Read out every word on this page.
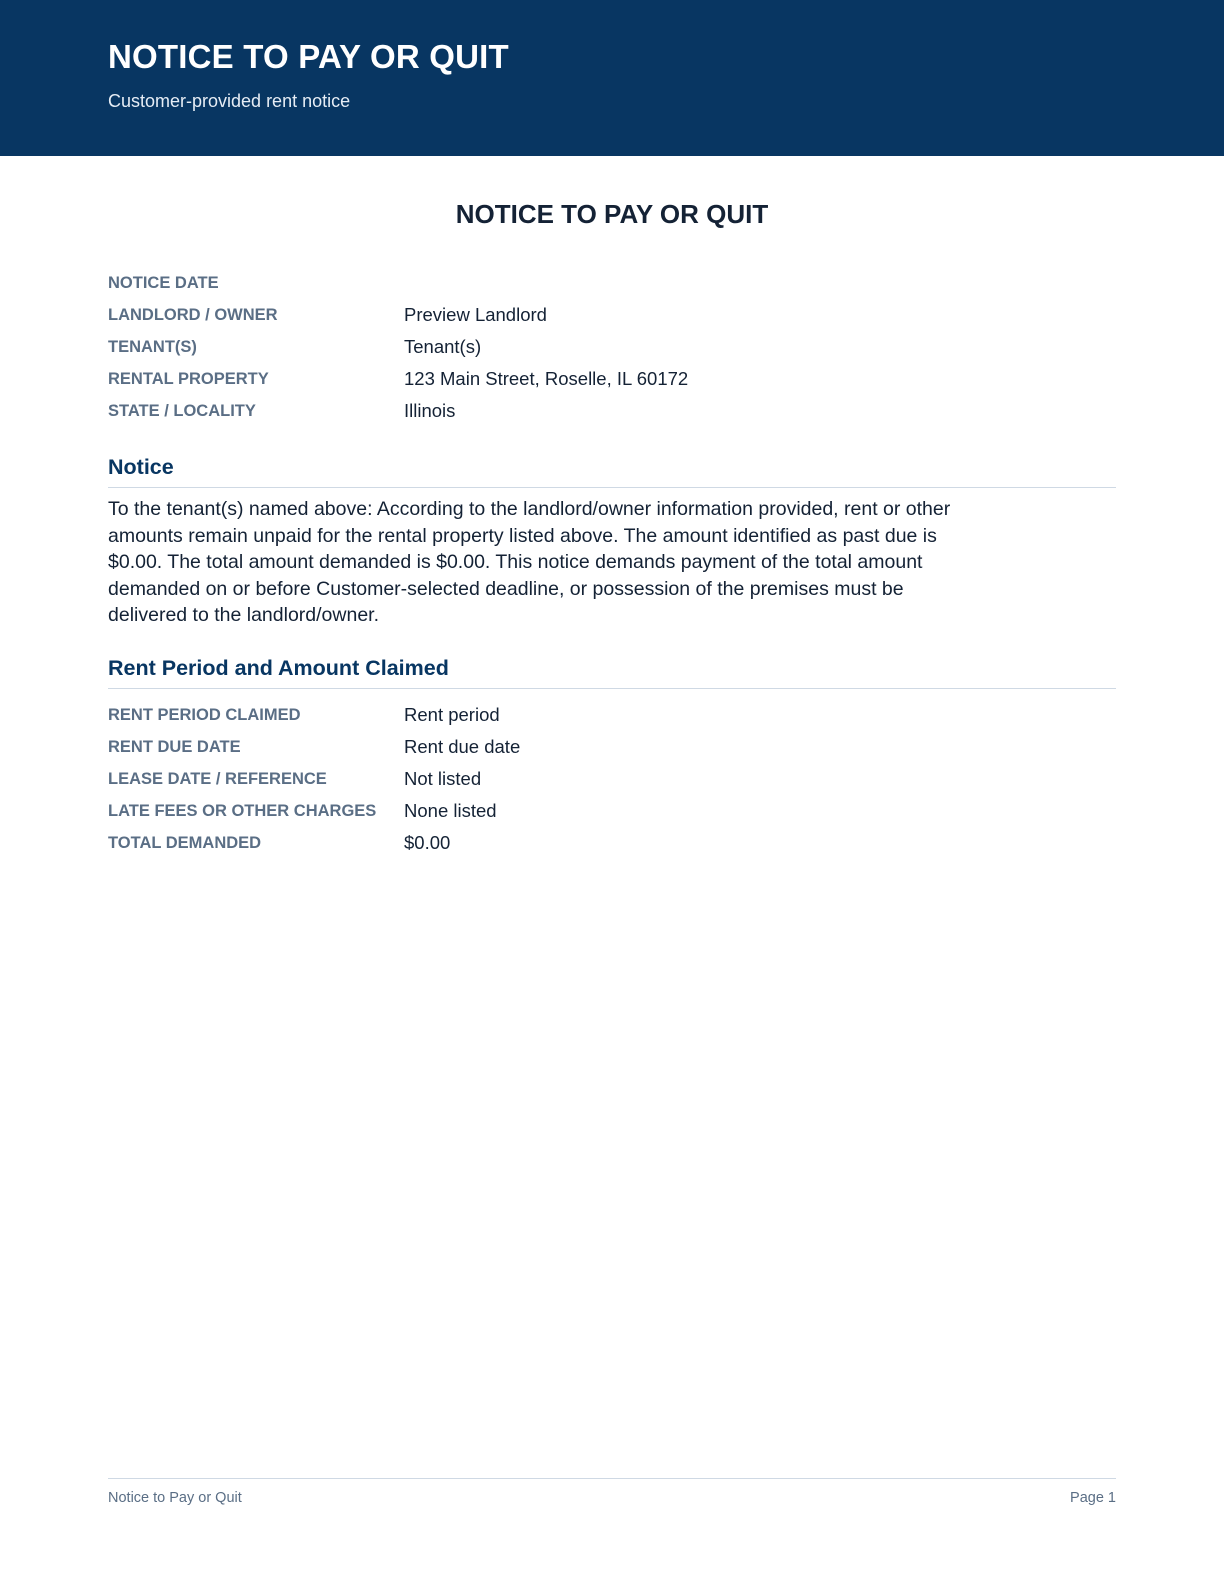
NOTICE TO PAY OR QUIT
Customer-provided rent notice
NOTICE TO PAY OR QUIT
NOTICE DATE
LANDLORD / OWNER	Preview Landlord
TENANT(S)	Tenant(s)
RENTAL PROPERTY	123 Main Street, Roselle, IL 60172
STATE / LOCALITY	Illinois
Notice
To the tenant(s) named above: According to the landlord/owner information provided, rent or other amounts remain unpaid for the rental property listed above. The amount identified as past due is $0.00. The total amount demanded is $0.00. This notice demands payment of the total amount demanded on or before Customer-selected deadline, or possession of the premises must be delivered to the landlord/owner.
Rent Period and Amount Claimed
RENT PERIOD CLAIMED	Rent period
RENT DUE DATE	Rent due date
LEASE DATE / REFERENCE	Not listed
LATE FEES OR OTHER CHARGES None listed
TOTAL DEMANDED	$0.00
Notice to Pay or Quit	Page 1
